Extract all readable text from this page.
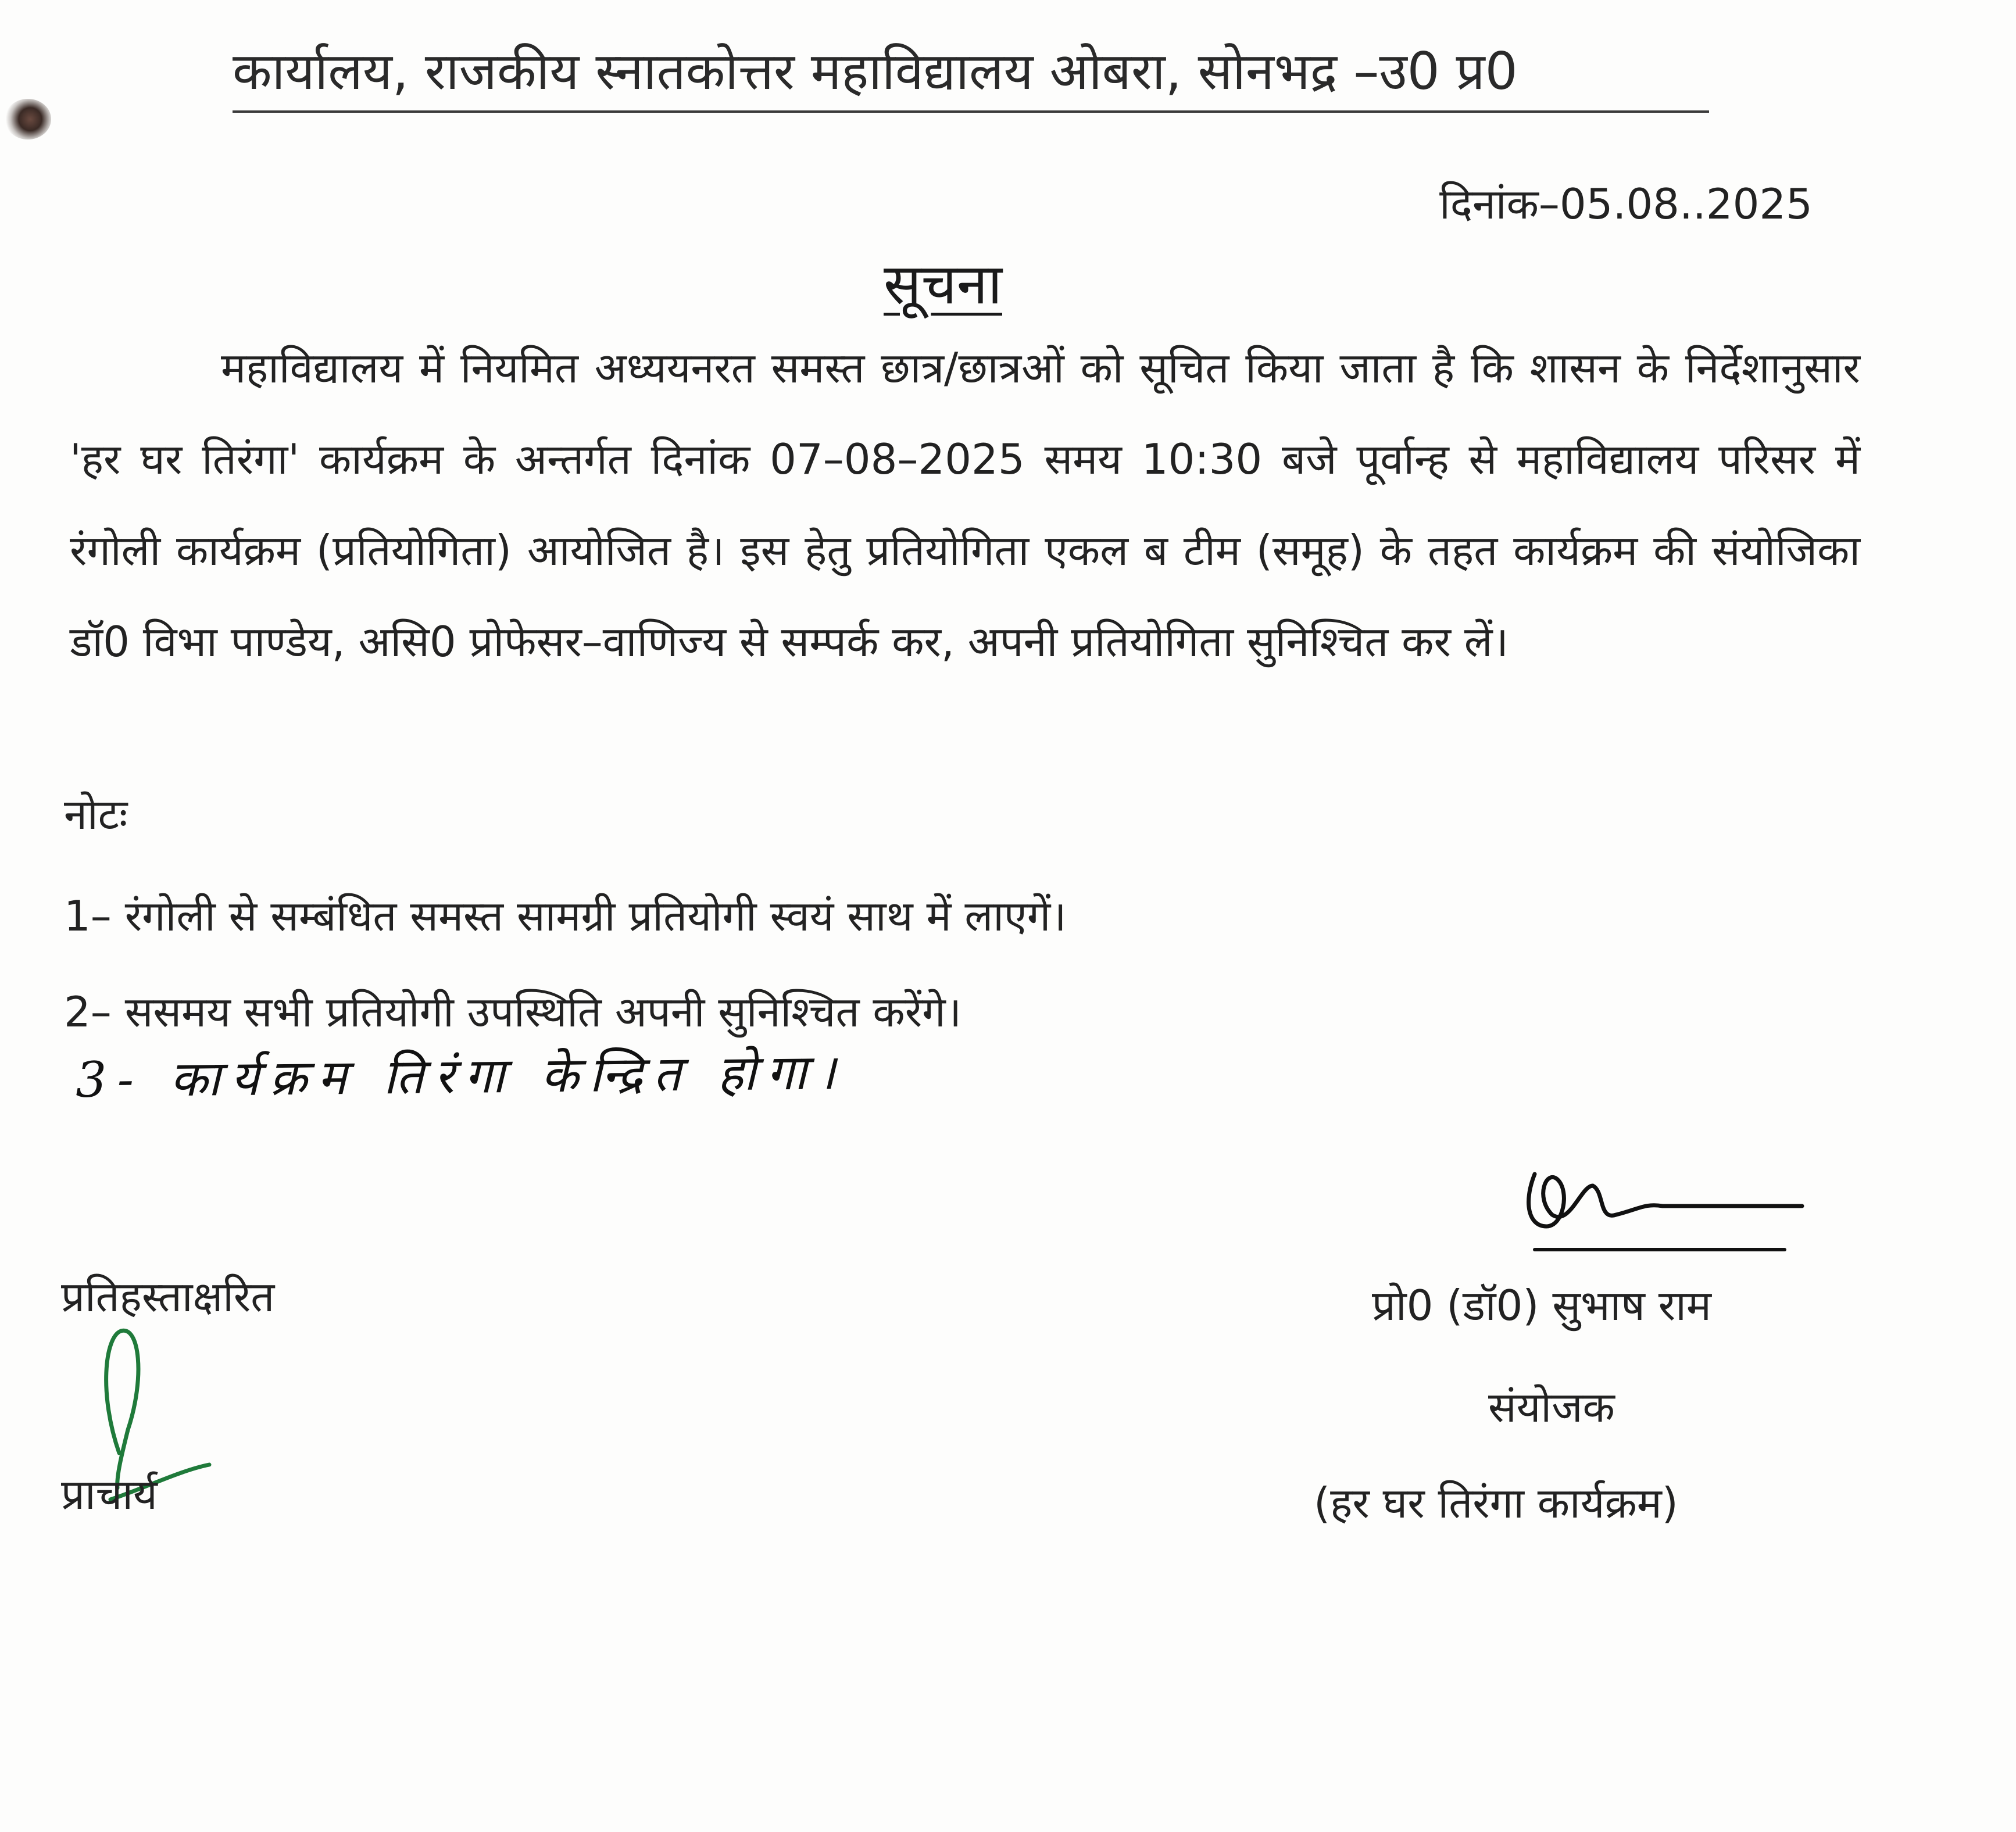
कार्यालय, राजकीय स्नातकोत्तर महाविद्यालय ओबरा, सोनभद्र –उ0 प्र0
दिनांक–05.08..2025
सूचना
महाविद्यालय में नियमित अध्ययनरत समस्त छात्र/छात्रओं को सूचित किया जाता है कि शासन के निर्देशानुसार 'हर घर तिरंगा' कार्यक्रम के अन्तर्गत दिनांक 07–08–2025 समय 10:30 बजे पूर्वान्ह से महाविद्यालय परिसर में रंगोली कार्यक्रम (प्रतियोगिता) आयोजित है। इस हेतु प्रतियोगिता एकल ब टीम (समूह) के तहत कार्यक्रम की संयोजिका डॉ0 विभा पाण्डेय, असि0 प्रोफेसर–वाणिज्य से सम्पर्क कर, अपनी प्रतियोगिता सुनिश्चित कर लें।
नोटः
1– रंगोली से सम्बंधित समस्त सामग्री प्रतियोगी स्वयं साथ में लाएगें।
2– ससमय सभी प्रतियोगी उपस्थिति अपनी सुनिश्चित करेंगे।
3- कार्यक्रम तिरंगा केन्द्रित होगा।
प्रतिहस्ताक्षरित
प्राचार्य
प्रो0 (डॉ0) सुभाष राम
संयोजक
(हर घर तिरंगा कार्यक्रम)
